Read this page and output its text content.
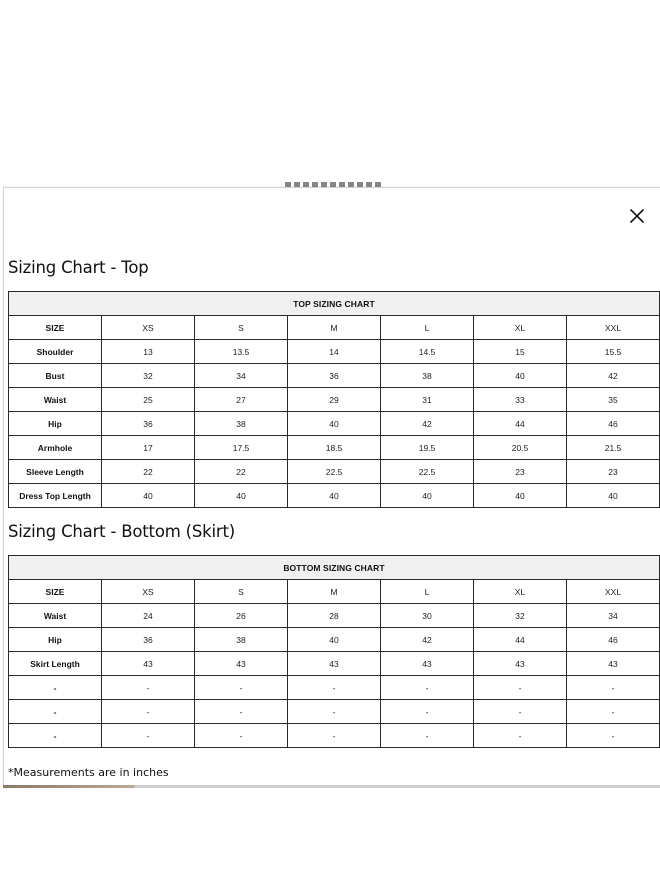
Sizing Chart - Top
TOP SIZING CHART						
SIZE	XS	S	M	L	XL	XXL
Shoulder	13	13.5	14	14.5	15	15.5
Bust	32	34	36	38	40	42
Waist	25	27	29	31	33	35
Hip	36	38	40	42	44	46
Armhole	17	17.5	18.5	19.5	20.5	21.5
Sleeve Length	22	22	22.5	22.5	23	23
Dress Top Length	40	40	40	40	40	40
Sizing Chart - Bottom (Skirt)
BOTTOM SIZING CHART						
SIZE	XS	S	M	L	XL	XXL
Waist	24	26	28	30	32	34
Hip	36	38	40	42	44	46
Skirt Length	43	43	43	43	43	43
-	-	-	-	-	-	-
-	-	-	-	-	-	-
-	-	-	-	-	-	-

*Measurements are in inches
